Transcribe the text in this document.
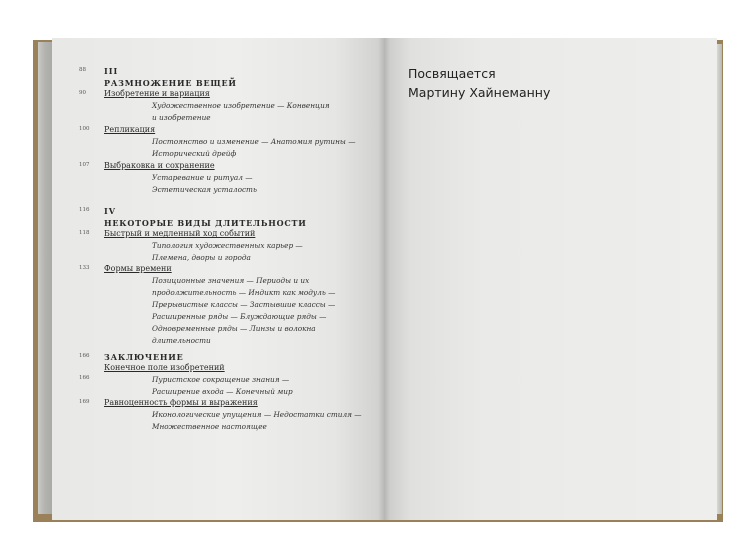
88 III
РАЗМНОЖЕНИЕ ВЕЩЕЙ
90 Изобретение и вариация
Художественное изобретение — Конвенция
и изобретение
100 Репликация
Постоянство и изменение — Анатомия рутины —
Исторический дрейф
107 Выбраковка и сохранение
Устаревание и ритуал —
Эстетическая усталость
116 IV
НЕКОТОРЫЕ ВИДЫ ДЛИТЕЛЬНОСТИ
118 Быстрый и медленный ход событий
Типология художественных карьер —
Племена, дворы и города
133 Формы времени
Позиционные значения — Периоды и их
продолжительность — Индикт как модуль —
Прерывистые классы — Застывшие классы —
Расширенные ряды — Блуждающие ряды —
Одновременные ряды — Линзы и волокна
длительности
166 ЗАКЛЮЧЕНИЕ
166
Конечное поле изобретений
Пуристское сокращение знания —
Расширение входа — Конечный мир
169 Равноценность формы и выражения
Иконологические упущения — Недостатки стиля —
Множественное настоящее
Посвящается
Мартину Хайнеманну
